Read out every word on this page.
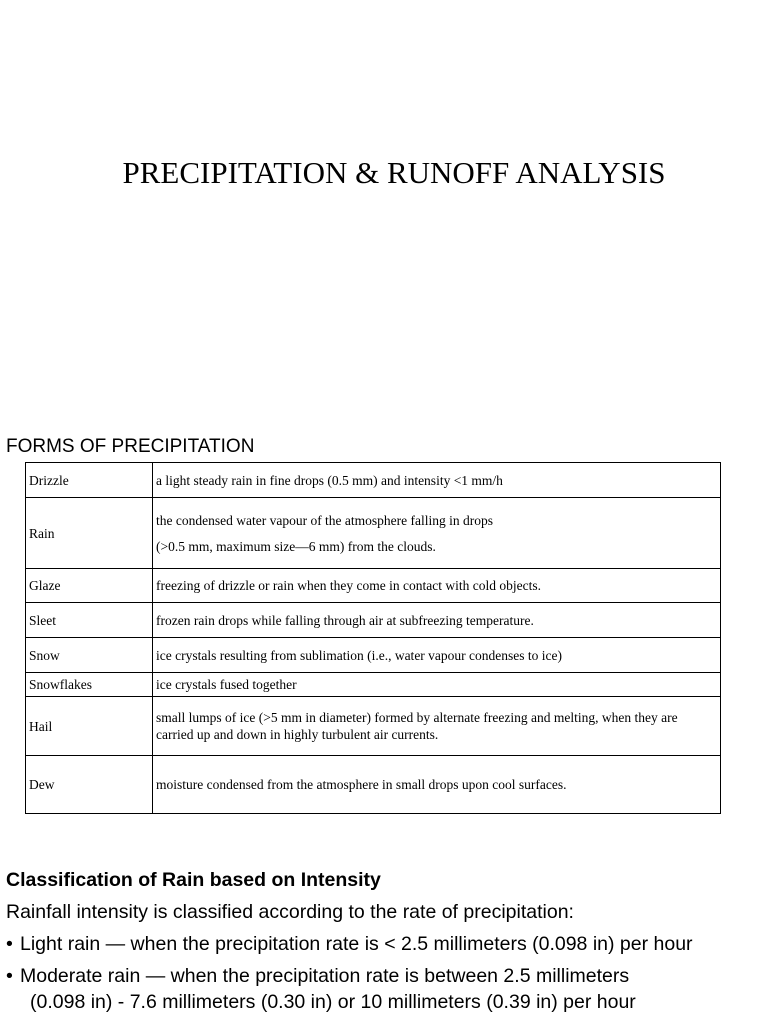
PRECIPITATION & RUNOFF ANALYSIS
FORMS OF PRECIPITATION
Drizzle	a light steady rain in fine drops (0.5 mm) and intensity <1 mm/h

Rain	the condensed water vapour of the atmosphere falling in drops
(>0.5 mm, maximum size—6 mm) from the clouds.

Glaze	freezing of drizzle or rain when they come in contact with cold objects.

Sleet	frozen rain drops while falling through air at subfreezing temperature.

Snow	ice crystals resulting from sublimation (i.e., water vapour condenses to ice)

Snowflakes	ice crystals fused together

Hail	small lumps of ice (>5 mm in diameter) formed by alternate freezing and melting, when they are carried up and down in highly turbulent air currents.

Dew	moisture condensed from the atmosphere in small drops upon cool surfaces.
Classification of Rain based on Intensity
Rainfall intensity is classified according to the rate of precipitation:
• Light rain — when the precipitation rate is < 2.5 millimeters (0.098 in) per hour
• Moderate rain — when the precipitation rate is between 2.5 millimeters
(0.098 in) - 7.6 millimeters (0.30 in) or 10 millimeters (0.39 in) per hour
